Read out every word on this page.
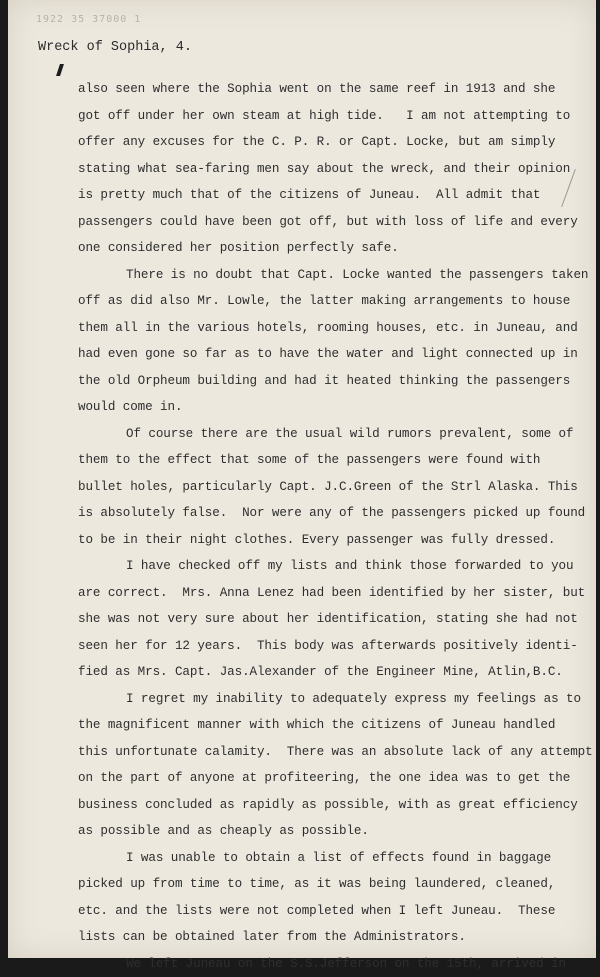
1922 35 37000 1
Wreck of Sophia, 4.
also seen where the Sophia went on the same reef in 1913 and she
got off under her own steam at high tide.   I am not attempting to
offer any excuses for the C. P. R. or Capt. Locke, but am simply
stating what sea-faring men say about the wreck, and their opinion
is pretty much that of the citizens of Juneau.  All admit that
passengers could have been got off, but with loss of life and every
one considered her position perfectly safe.
There is no doubt that Capt. Locke wanted the passengers taken
off as did also Mr. Lowle, the latter making arrangements to house
them all in the various hotels, rooming houses, etc. in Juneau, and
had even gone so far as to have the water and light connected up in
the old Orpheum building and had it heated thinking the passengers
would come in.
Of course there are the usual wild rumors prevalent, some of
them to the effect that some of the passengers were found with
bullet holes, particularly Capt. J.C.Green of the Strl Alaska. This
is absolutely false.  Nor were any of the passengers picked up found
to be in their night clothes. Every passenger was fully dressed.
I have checked off my lists and think those forwarded to you
are correct.  Mrs. Anna Lenez had been identified by her sister, but
she was not very sure about her identification, stating she had not
seen her for 12 years.  This body was afterwards positively identi-
fied as Mrs. Capt. Jas.Alexander of the Engineer Mine, Atlin,B.C.
I regret my inability to adequately express my feelings as to
the magnificent manner with which the citizens of Juneau handled
this unfortunate calamity.  There was an absolute lack of any attempt
on the part of anyone at profiteering, the one idea was to get the
business concluded as rapidly as possible, with as great efficiency
as possible and as cheaply as possible.
I was unable to obtain a list of effects found in baggage
picked up from time to time, as it was being laundered, cleaned,
etc. and the lists were not completed when I left Juneau.  These
lists can be obtained later from the Administrators.
We left Juneau on the S.S.Jefferson on the 15th, arrived in
